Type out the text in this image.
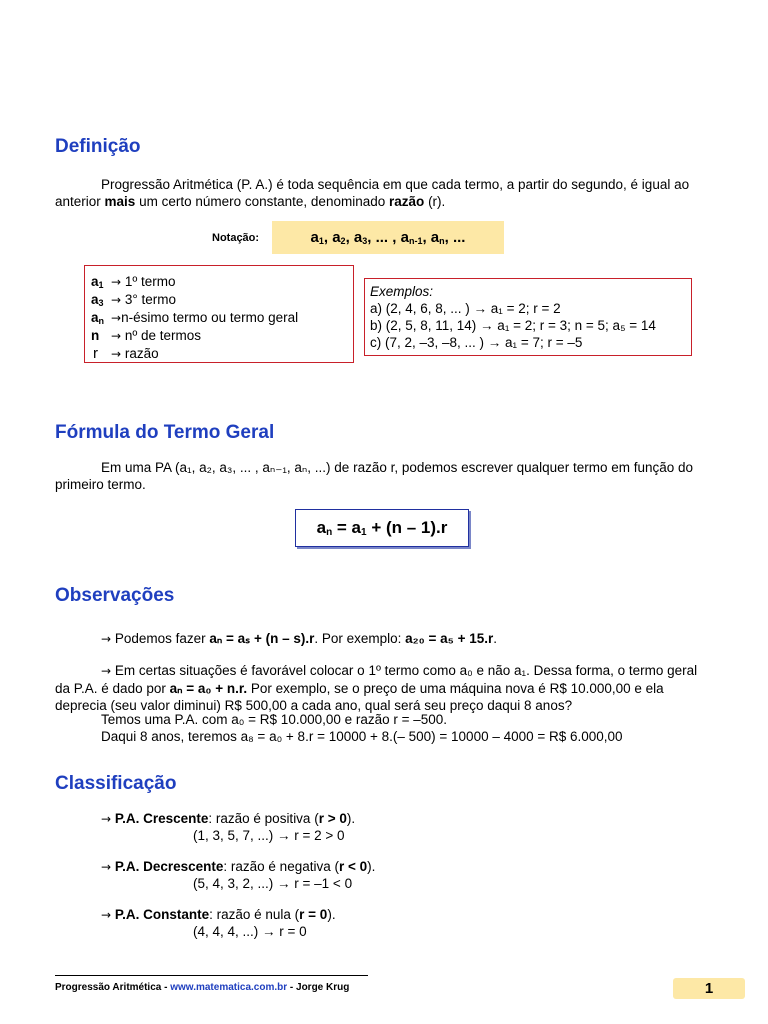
Definição

Progressão Aritmética (P. A.) é toda sequência em que cada termo, a partir do segundo, é igual ao anterior mais um certo número constante, denominado razão (r).

Notação:	$a_1$, $a_2$, $a_3$, ... , $a_{n-1}$, $a_n$, ...
$a_1$ → 1º termo
$a_3 \to 3^\circ$ termo
$a_n$ →n-ésimo termo ou termo geral
n → nº de termos
r → razão
Exemplos:
a) (2, 4, 6, 8, ... ) → a₁ = 2; r = 2
b) (2, 5, 8, 11, 14) → a₁ = 2; r = 3; n = 5; a₅ = 14
c) (7, 2, –3, –8, ... ) → a₁ = 7; r = –5
Fórmula do Termo Geral

Em uma PA (a₁, a₂, a₃, ... , aₙ₋₁, aₙ, ...) de razão r, podemos escrever qualquer termo em função do primeiro termo.

$a_n = a_1 + (n - 1).r$
Observações
→ Podemos fazer aₙ = aₛ + (n – s).r. Por exemplo: a₂₀ = a₅ + 15.r.

→ Em certas situações é favorável colocar o 1º termo como a₀ e não a₁. Dessa forma, o termo geral da P.A. é dado por aₙ = a₀ + n.r. Por exemplo, se o preço de uma máquina nova é R$ 10.000,00 e ela deprecia (seu valor diminui) R$ 500,00 a cada ano, qual será seu preço daqui 8 anos?

Temos uma P.A. com a₀ = R$ 10.000,00 e razão r = –500.
Daqui 8 anos, teremos a₈ = a₀ + 8.r = 10000 + 8.(– 500) = 10000 – 4000 = R$ 6.000,00
Classificação
→ P.A. Crescente: razão é positiva (r > 0).
(1, 3, 5, 7, ...) → r = 2 > 0
→ P.A. Decrescente: razão é negativa (r < 0).
(5, 4, 3, 2, ...) → r = –1 < 0
→ P.A. Constante: razão é nula (r = 0).
(4, 4, 4, ...) → r = 0
Progressão Aritmética - www.matematica.com.br - Jorge Krug	1
